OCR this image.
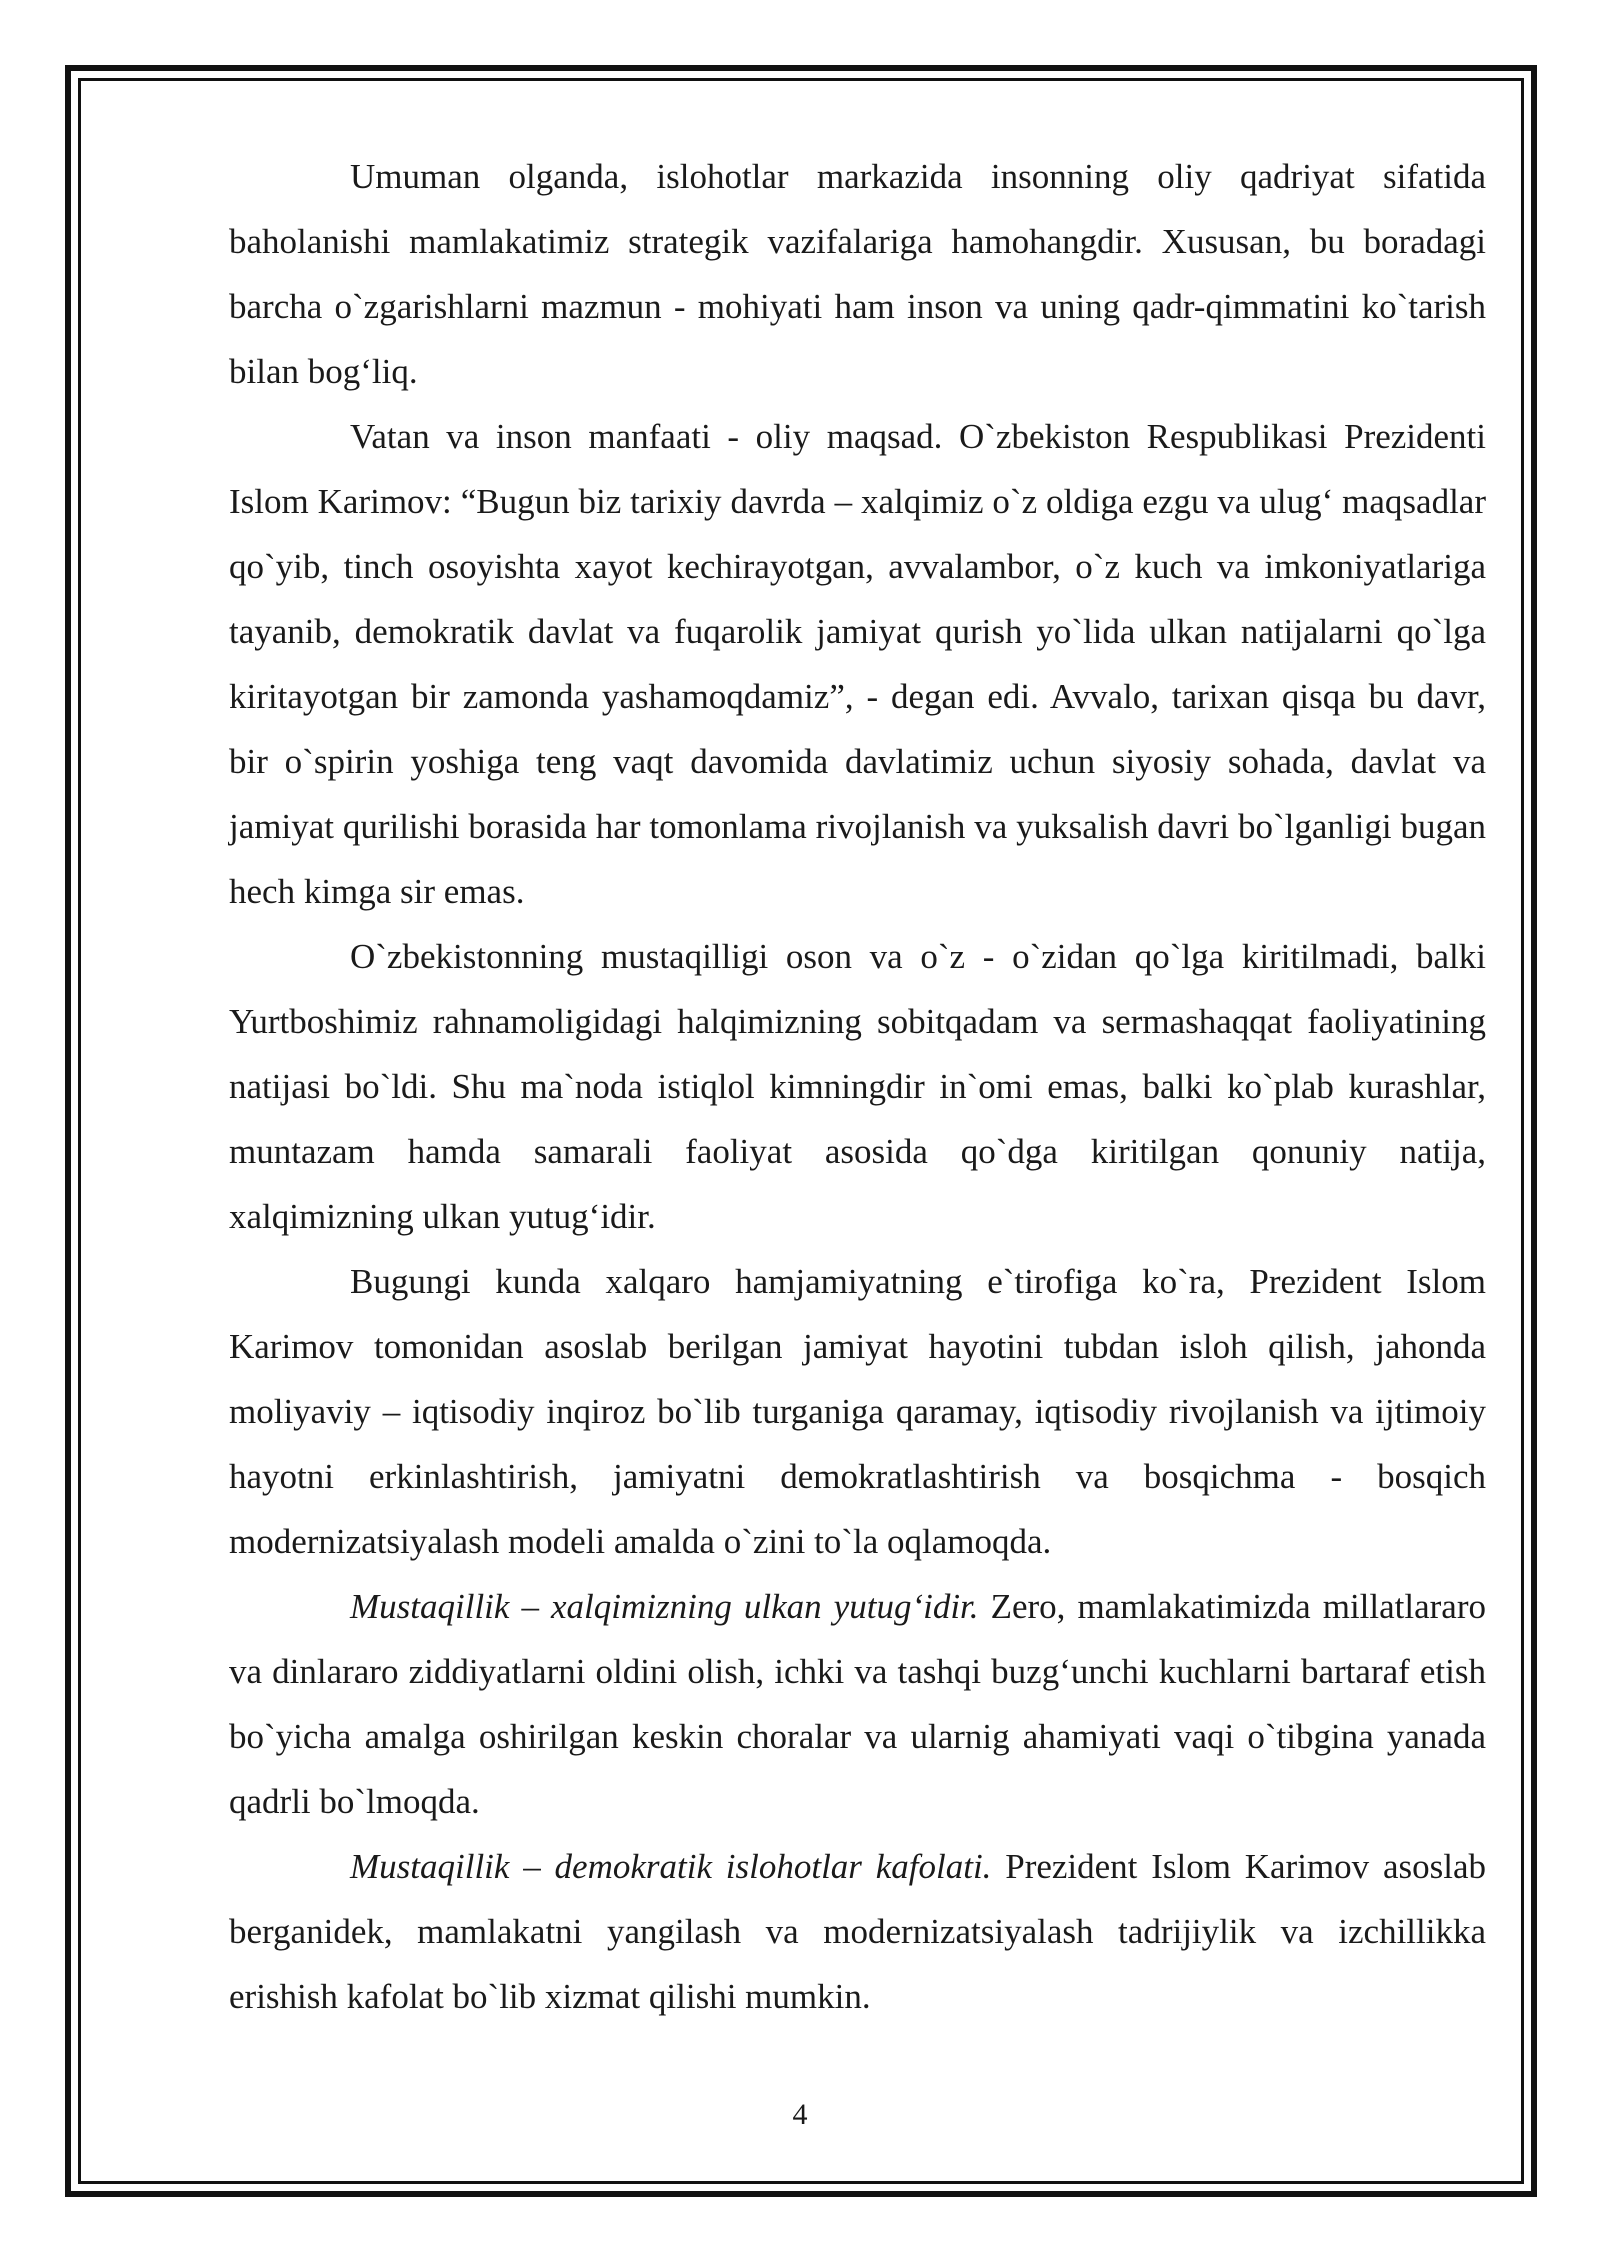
Umuman olganda, islohotlar markazida insonning oliy qadriyat sifatida baholanishi mamlakatimiz strategik vazifalariga hamohangdir. Xususan, bu boradagi barcha o`zgarishlarni mazmun - mohiyati ham inson va uning qadr-qimmatini ko`tarish bilan bog‘liq.

Vatan va inson manfaati - oliy maqsad. O`zbekiston Respublikasi Prezidenti Islom Karimov: “Bugun biz tarixiy davrda – xalqimiz o`z oldiga ezgu va ulug‘ maqsadlar qo`yib, tinch osoyishta xayot kechirayotgan, avvalambor, o`z kuch va imkoniyatlariga tayanib, demokratik davlat va fuqarolik jamiyat qurish yo`lida ulkan natijalarni qo`lga kiritayotgan bir zamonda yashamoqdamiz”, - degan edi. Avvalo, tarixan qisqa bu davr, bir o`spirin yoshiga teng vaqt davomida davlatimiz uchun siyosiy sohada, davlat va jamiyat qurilishi borasida har tomonlama rivojlanish va yuksalish davri bo`lganligi bugan hech kimga sir emas.

O`zbekistonning mustaqilligi oson va o`z - o`zidan qo`lga kiritilmadi, balki Yurtboshimiz rahnamoligidagi halqimizning sobitqadam va sermashaqqat faoliyatining natijasi bo`ldi. Shu ma`noda istiqlol kimningdir in`omi emas, balki ko`plab kurashlar, muntazam hamda samarali faoliyat asosida qo`dga kiritilgan qonuniy natija, xalqimizning ulkan yutug‘idir.

Bugungi kunda xalqaro hamjamiyatning e`tirofiga ko`ra, Prezident Islom Karimov tomonidan asoslab berilgan jamiyat hayotini tubdan isloh qilish, jahonda moliyaviy – iqtisodiy inqiroz bo`lib turganiga qaramay, iqtisodiy rivojlanish va ijtimoiy hayotni erkinlashtirish, jamiyatni demokratlashtirish va bosqichma - bosqich modernizatsiyalash modeli amalda o`zini to`la oqlamoqda.

Mustaqillik – xalqimizning ulkan yutug‘idir. Zero, mamlakatimizda millatlararo va dinlararo ziddiyatlarni oldini olish, ichki va tashqi buzg‘unchi kuchlarni bartaraf etish bo`yicha amalga oshirilgan keskin choralar va ularnig ahamiyati vaqi o`tibgina yanada qadrli bo`lmoqda.

Mustaqillik – demokratik islohotlar kafolati. Prezident Islom Karimov asoslab berganidek, mamlakatni yangilash va modernizatsiyalash tadrijiylik va izchillikka erishish kafolat bo`lib xizmat qilishi mumkin.

4
